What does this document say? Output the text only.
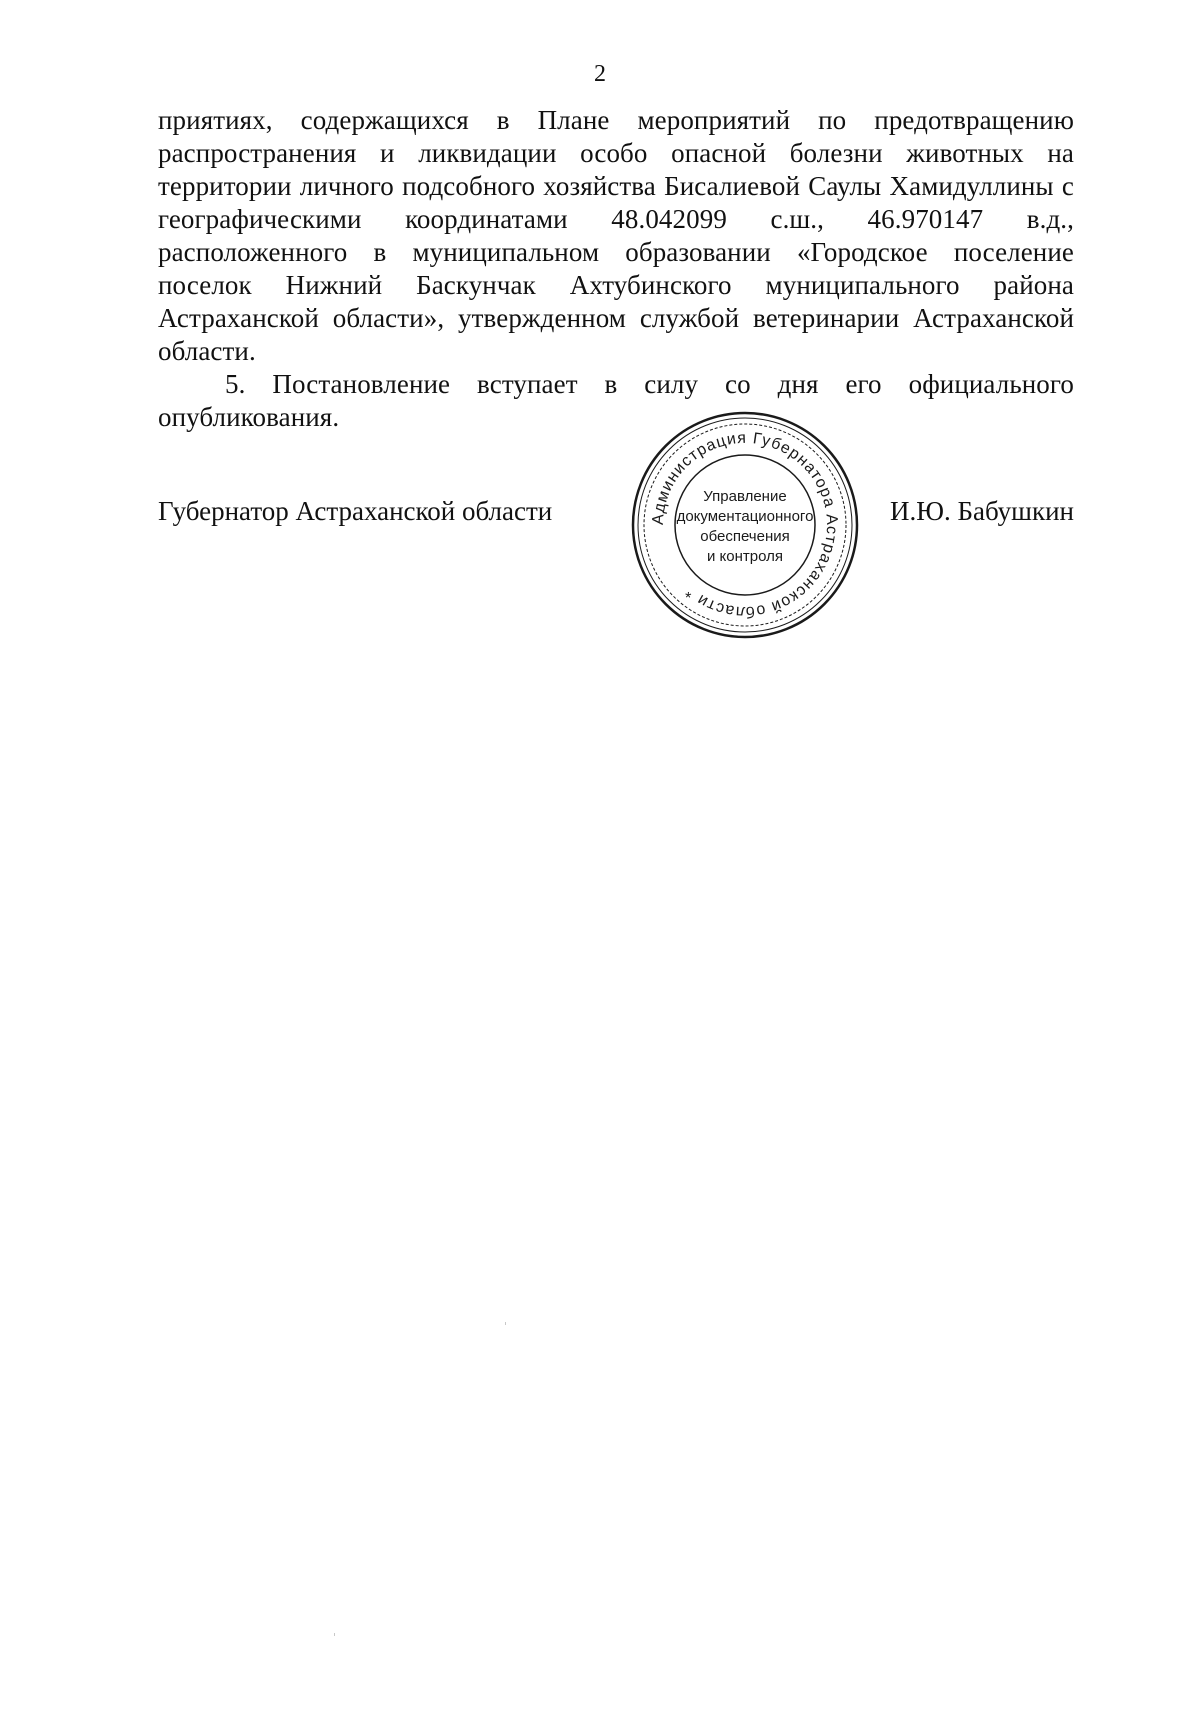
2

приятиях, содержащихся в Плане мероприятий по предотвращению распространения и ликвидации особо опасной болезни животных на территории личного подсобного хозяйства Бисалиевой Саулы Хамидуллины с географическими координатами 48.042099 с.ш., 46.970147 в.д., расположенного в муниципальном образовании «Городское поселение поселок Нижний Баскунчак Ахтубинского муниципального района Астраханской области», утвержденном службой ветеринарии Астраханской области.

5. Постановление вступает в силу со дня его официального опубликования.

Губернатор Астраханской области	И.Ю. Бабушкин
Администрация Губернатора Астраханской области *
Управление
документационного
обеспечения
и контроля
